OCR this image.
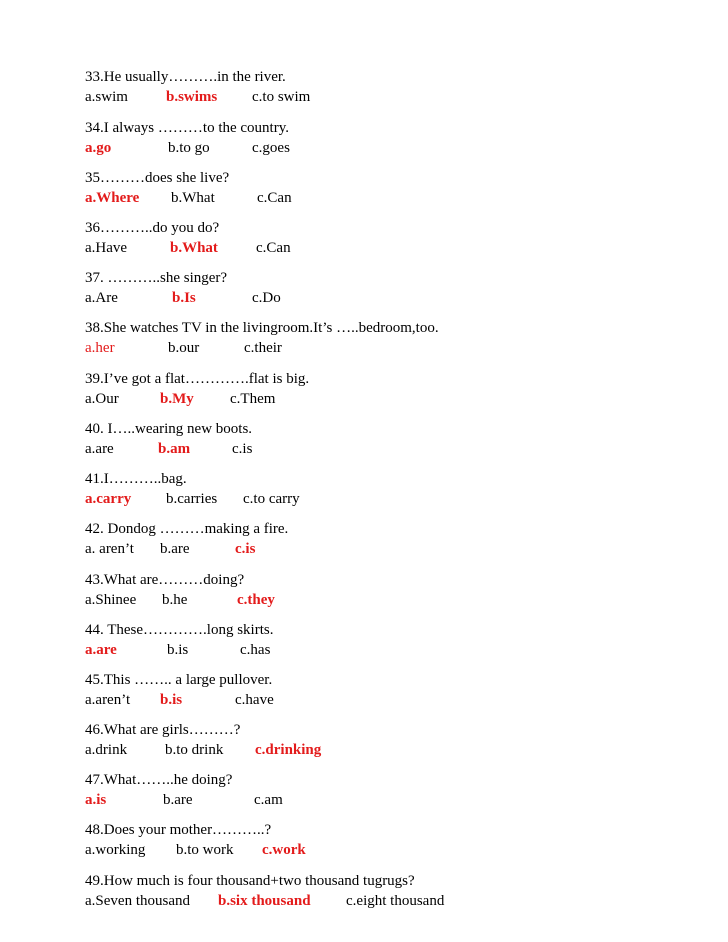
33.He usually……….in the river.
a.swim	b.swims c.to swim
34.I always ………to the country.
a.go	b.to go	c.goes
35………does she live?
a.Where b.What	c.Can
36………..do you do?
a.Have	b.What	c.Can
37. ………..she singer?
a.Are	b.Is	c.Do
38.She watches TV in the livingroom.It’s …..bedroom,too.
a.her	b.our	c.their
39.I’ve got a flat………….flat is big.
a.Our	b.My c.Them
40. I…..wearing new boots.
a.are	b.am	c.is
41.I………..bag.
a.carry b.carries c.to carry
42. Dondog ………making a fire.
a. aren’t b.are	c.is
43.What are………doing?
a.Shinee b.he	c.they
44. These………….long skirts.
a.are	b.is	c.has
45.This …….. a large pullover.
a.aren’t b.is	c.have
46.What are girls………?
a.drink	b.to drink c.drinking
47.What……..he doing?
a.is	b.are	c.am
48.Does your mother………..?
a.working b.to work c.work
49.How much is four thousand+two thousand tugrugs?
a.Seven thousand b.six thousand c.eight thousand
